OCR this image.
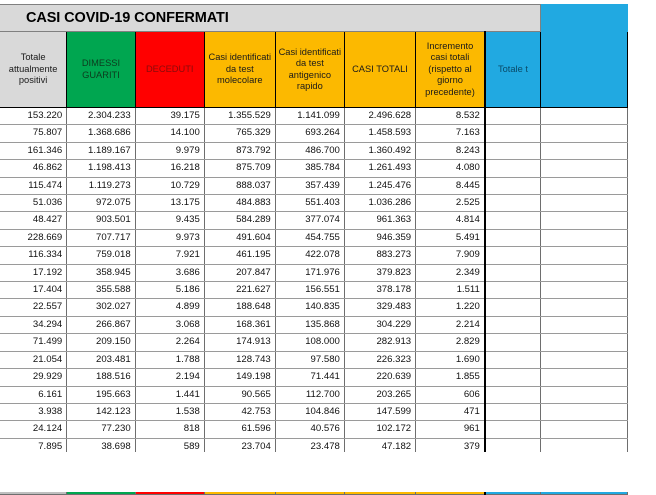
	CASI COVID-19 CONFERMATI								
	Totale attualmente positivi	DIMESSI GUARITI	DECEDUTI	Casi identificati da test molecolare	Casi identificati da test antigenico rapido	CASI TOTALI	Incremento casi totali (rispetto al giorno precedente)	Totale t	
	153.220	2.304.233	39.175	1.355.529	1.141.099	2.496.628	8.532		
	75.807	1.368.686	14.100	765.329	693.264	1.458.593	7.163		
	161.346	1.189.167	9.979	873.792	486.700	1.360.492	8.243		
	46.862	1.198.413	16.218	875.709	385.784	1.261.493	4.080		
	115.474	1.119.273	10.729	888.037	357.439	1.245.476	8.445		
	51.036	972.075	13.175	484.883	551.403	1.036.286	2.525		
	48.427	903.501	9.435	584.289	377.074	961.363	4.814		
	228.669	707.717	9.973	491.604	454.755	946.359	5.491		
	116.334	759.018	7.921	461.195	422.078	883.273	7.909		
	17.192	358.945	3.686	207.847	171.976	379.823	2.349		
	17.404	355.588	5.186	221.627	156.551	378.178	1.511		
	22.557	302.027	4.899	188.648	140.835	329.483	1.220		
	34.294	266.867	3.068	168.361	135.868	304.229	2.214		
	71.499	209.150	2.264	174.913	108.000	282.913	2.829		
	21.054	203.481	1.788	128.743	97.580	226.323	1.690		
	29.929	188.516	2.194	149.198	71.441	220.639	1.855		
	6.161	195.663	1.441	90.565	112.700	203.265	606		
	3.938	142.123	1.538	42.753	104.846	147.599	471		
	24.124	77.230	818	61.596	40.576	102.172	961		
	7.895	38.698	589	23.704	23.478	47.182	379		
